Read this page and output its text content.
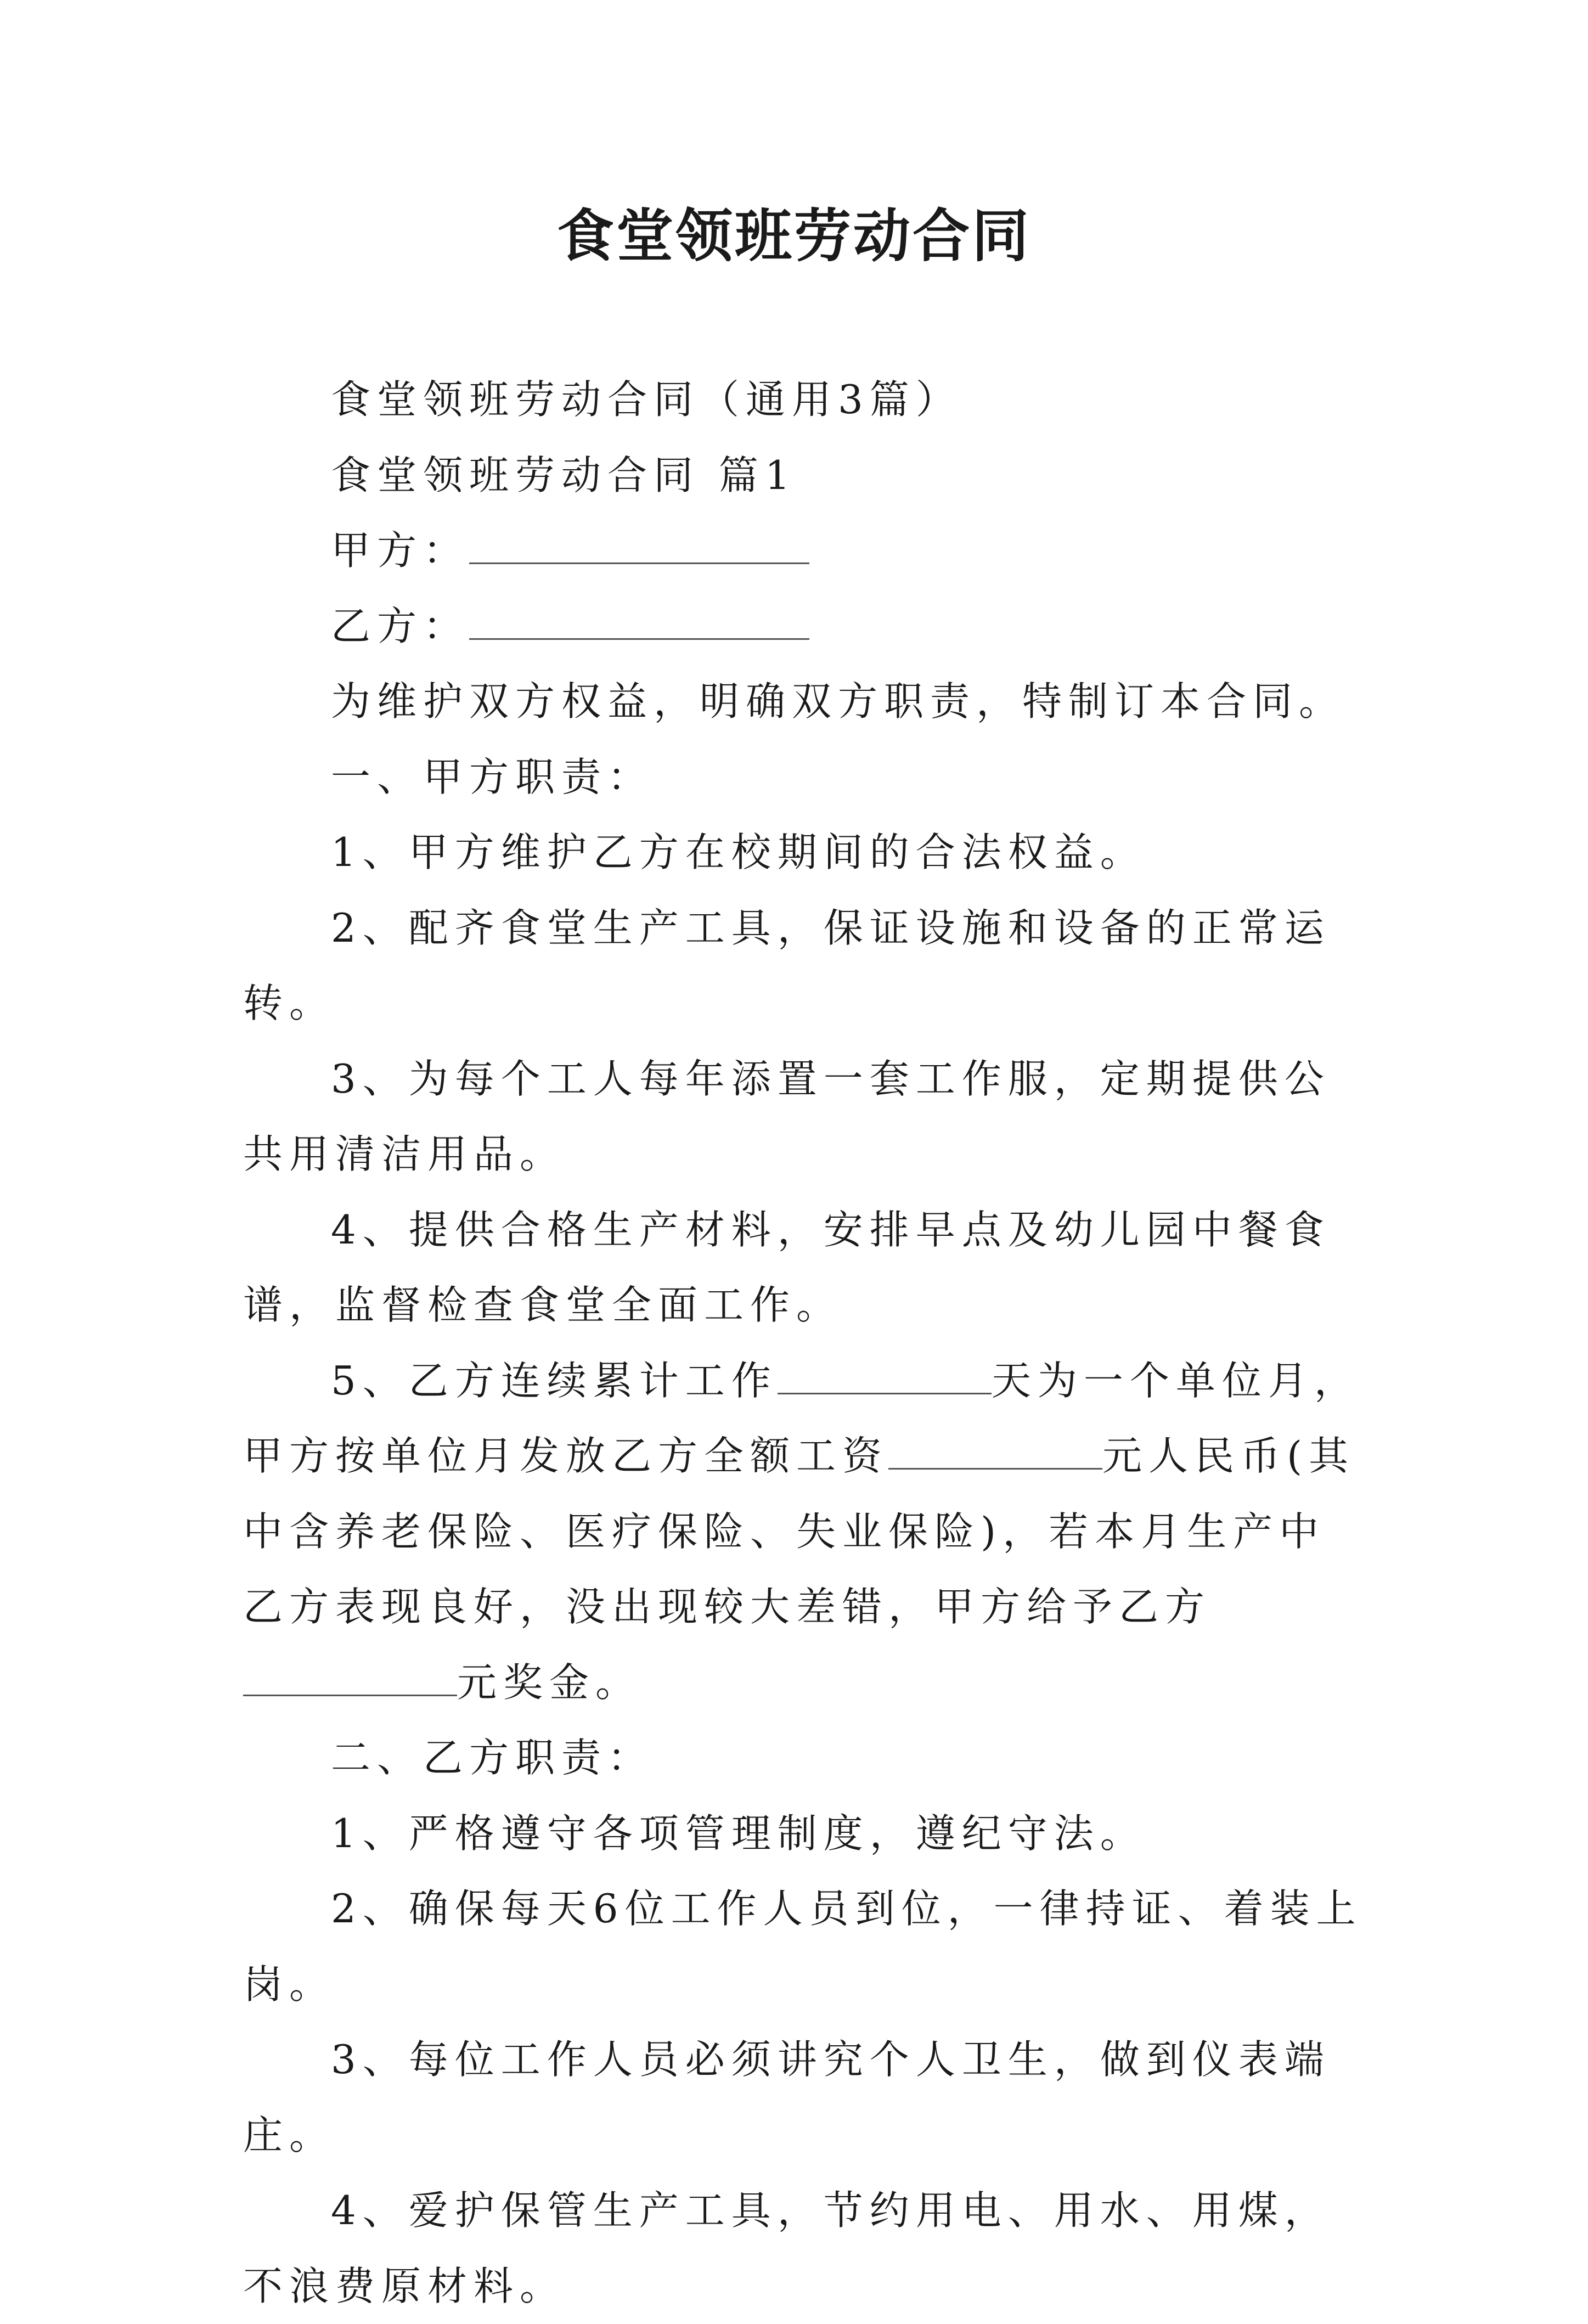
食堂领班劳动合同

食堂领班劳动合同（通用3篇）

食堂领班劳动合同 篇1

甲方：

乙方：

为维护双方权益，明确双方职责，特制订本合同。

一、甲方职责：

1、甲方维护乙方在校期间的合法权益。

2、配齐食堂生产工具，保证设施和设备的正常运转。

3、为每个工人每年添置一套工作服，定期提供公共用清洁用品。

4、提供合格生产材料，安排早点及幼儿园中餐食谱，监督检查食堂全面工作。

5、乙方连续累计工作	天为一个单位月，甲方按单位月发放乙方全额工资	元人民币(其中含养老保险、医疗保险、失业保险)，若本月生产中乙方表现良好，没出现较大差错，甲方给予乙方元奖金。

二、乙方职责：

1、严格遵守各项管理制度，遵纪守法。

2、确保每天6位工作人员到位，一律持证、着装上岗。

3、每位工作人员必须讲究个人卫生，做到仪表端庄。

4、爱护保管生产工具，节约用电、用水、用煤，不浪费原材料。
